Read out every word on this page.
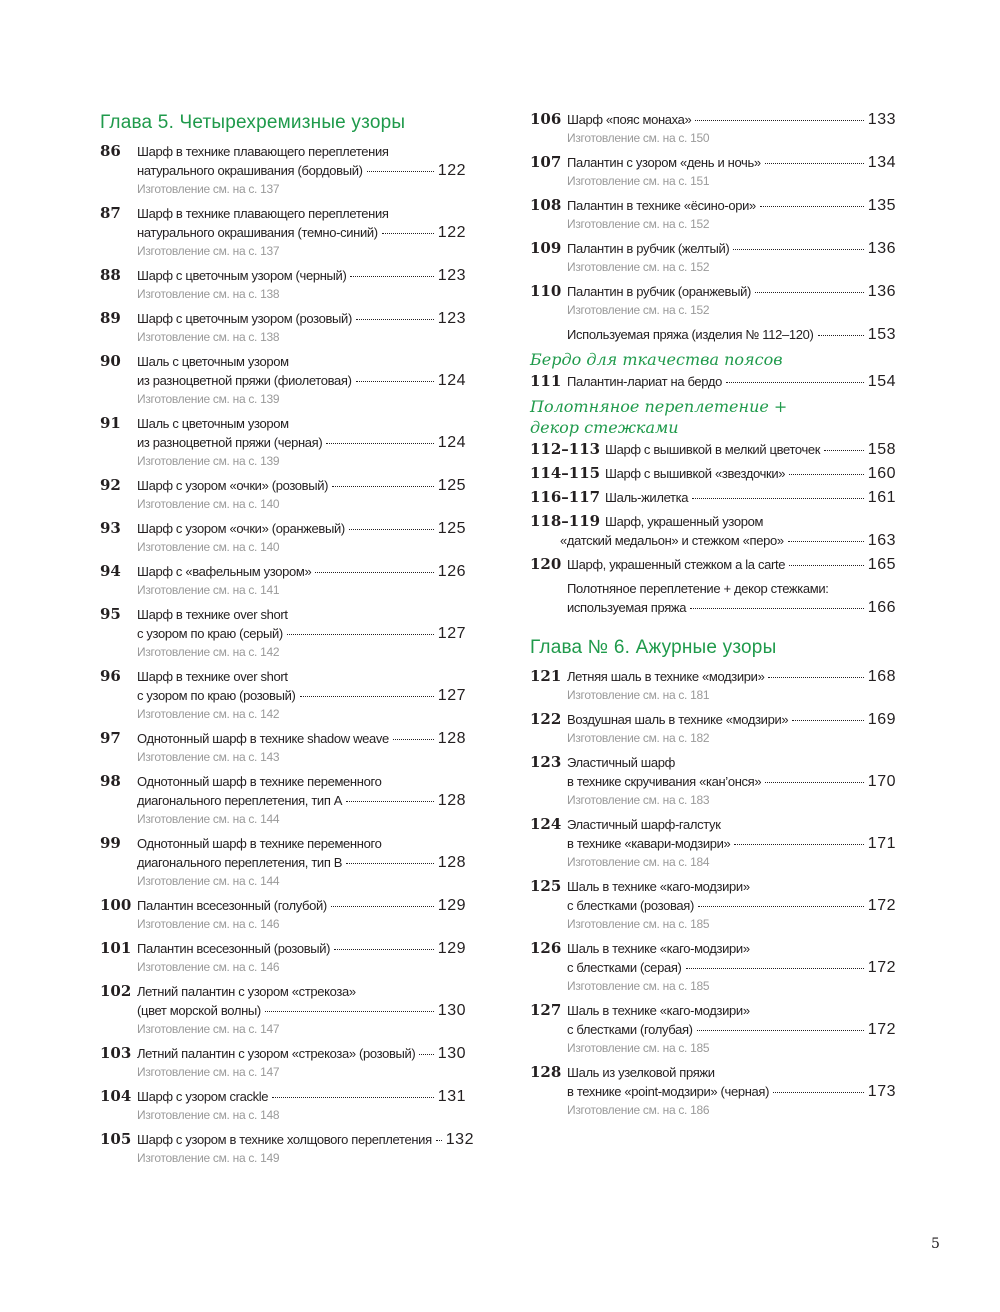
Глава 5. Четырехремизные узоры
86 Шарф в технике плавающего переплетения
натурального окрашивания (бордовый)	122
Изготовление см. на с. 137
87 Шарф в технике плавающего переплетения
натурального окрашивания (темно-синий)	122
Изготовление см. на с. 137
88 Шарф с цветочным узором (черный)	123
Изготовление см. на с. 138
89 Шарф с цветочным узором (розовый)	123
Изготовление см. на с. 138
90 Шаль с цветочным узором
из разноцветной пряжи (фиолетовая)	124
Изготовление см. на с. 139
91 Шаль с цветочным узором
из разноцветной пряжи (черная)	124
Изготовление см. на с. 139
92 Шарф с узором «очки» (розовый)	125
Изготовление см. на с. 140
93 Шарф с узором «очки» (оранжевый)	125
Изготовление см. на с. 140
94 Шарф с «вафельным узором»	126
Изготовление см. на с. 141
95 Шарф в технике over short
с узором по краю (серый)	127
Изготовление см. на с. 142
96 Шарф в технике over short
с узором по краю (розовый)	127
Изготовление см. на с. 142
97 Однотонный шарф в технике shadow weave	128
Изготовление см. на с. 143
98 Однотонный шарф в технике переменного
диагонального переплетения, тип А	128
Изготовление см. на с. 144
99 Однотонный шарф в технике переменного
диагонального переплетения, тип В	128
Изготовление см. на с. 144
100 Палантин всесезонный (голубой)	129
Изготовление см. на с. 146
101 Палантин всесезонный (розовый)	129
Изготовление см. на с. 146
102 Летний палантин с узором «стрекоза»
(цвет морской волны)	130
Изготовление см. на с. 147
103 Летний палантин с узором «стрекоза» (розовый) 130
Изготовление см. на с. 147
104 Шарф с узором crackle	131
Изготовление см. на с. 148
105 Шарф с узором в технике холщового переплетения 132
Изготовление см. на с. 149
106 Шарф «пояс монаха»	133
Изготовление см. на с. 150
107 Палантин с узором «день и ночь»	134
Изготовление см. на с. 151
108 Палантин в технике «ёсино-ори»	135
Изготовление см. на с. 152
109 Палантин в рубчик (желтый)	136
Изготовление см. на с. 152
110 Палантин в рубчик (оранжевый)	136
Изготовление см. на с. 152
Используемая пряжа (изделия № 112–120)	153
Бердо для ткачества поясов
111 Палантин-лариат на бердо	154
Полотняное переплетение +
декор стежками
112–113 Шарф с вышивкой в мелкий цветочек	158
114–115 Шарф с вышивкой «звездочки»	160
116–117 Шаль-жилетка	161
118–119 Шарф, украшенный узором
«датский медальон» и стежком «перо»	163
120 Шарф, украшенный стежком a la carte	165
Полотняное переплетение + декор стежками:
используемая пряжа	166
Глава № 6. Ажурные узоры
121 Летняя шаль в технике «модзири»	168
Изготовление см. на с. 181
122 Воздушная шаль в технике «модзири»	169
Изготовление см. на с. 182
123 Эластичный шарф
в технике скручивания «кан’онся»	170
Изготовление см. на с. 183
124 Эластичный шарф-галстук
в технике «кавари-модзири»	171
Изготовление см. на с. 184
125 Шаль в технике «каго-модзири»
с блестками (розовая)	172
Изготовление см. на с. 185
126 Шаль в технике «каго-модзири»
с блестками (серая)	172
Изготовление см. на с. 185
127 Шаль в технике «каго-модзири»
с блестками (голубая)	172
Изготовление см. на с. 185
128 Шаль из узелковой пряжи
в технике «point-модзири» (черная)	173
Изготовление см. на с. 186
5
